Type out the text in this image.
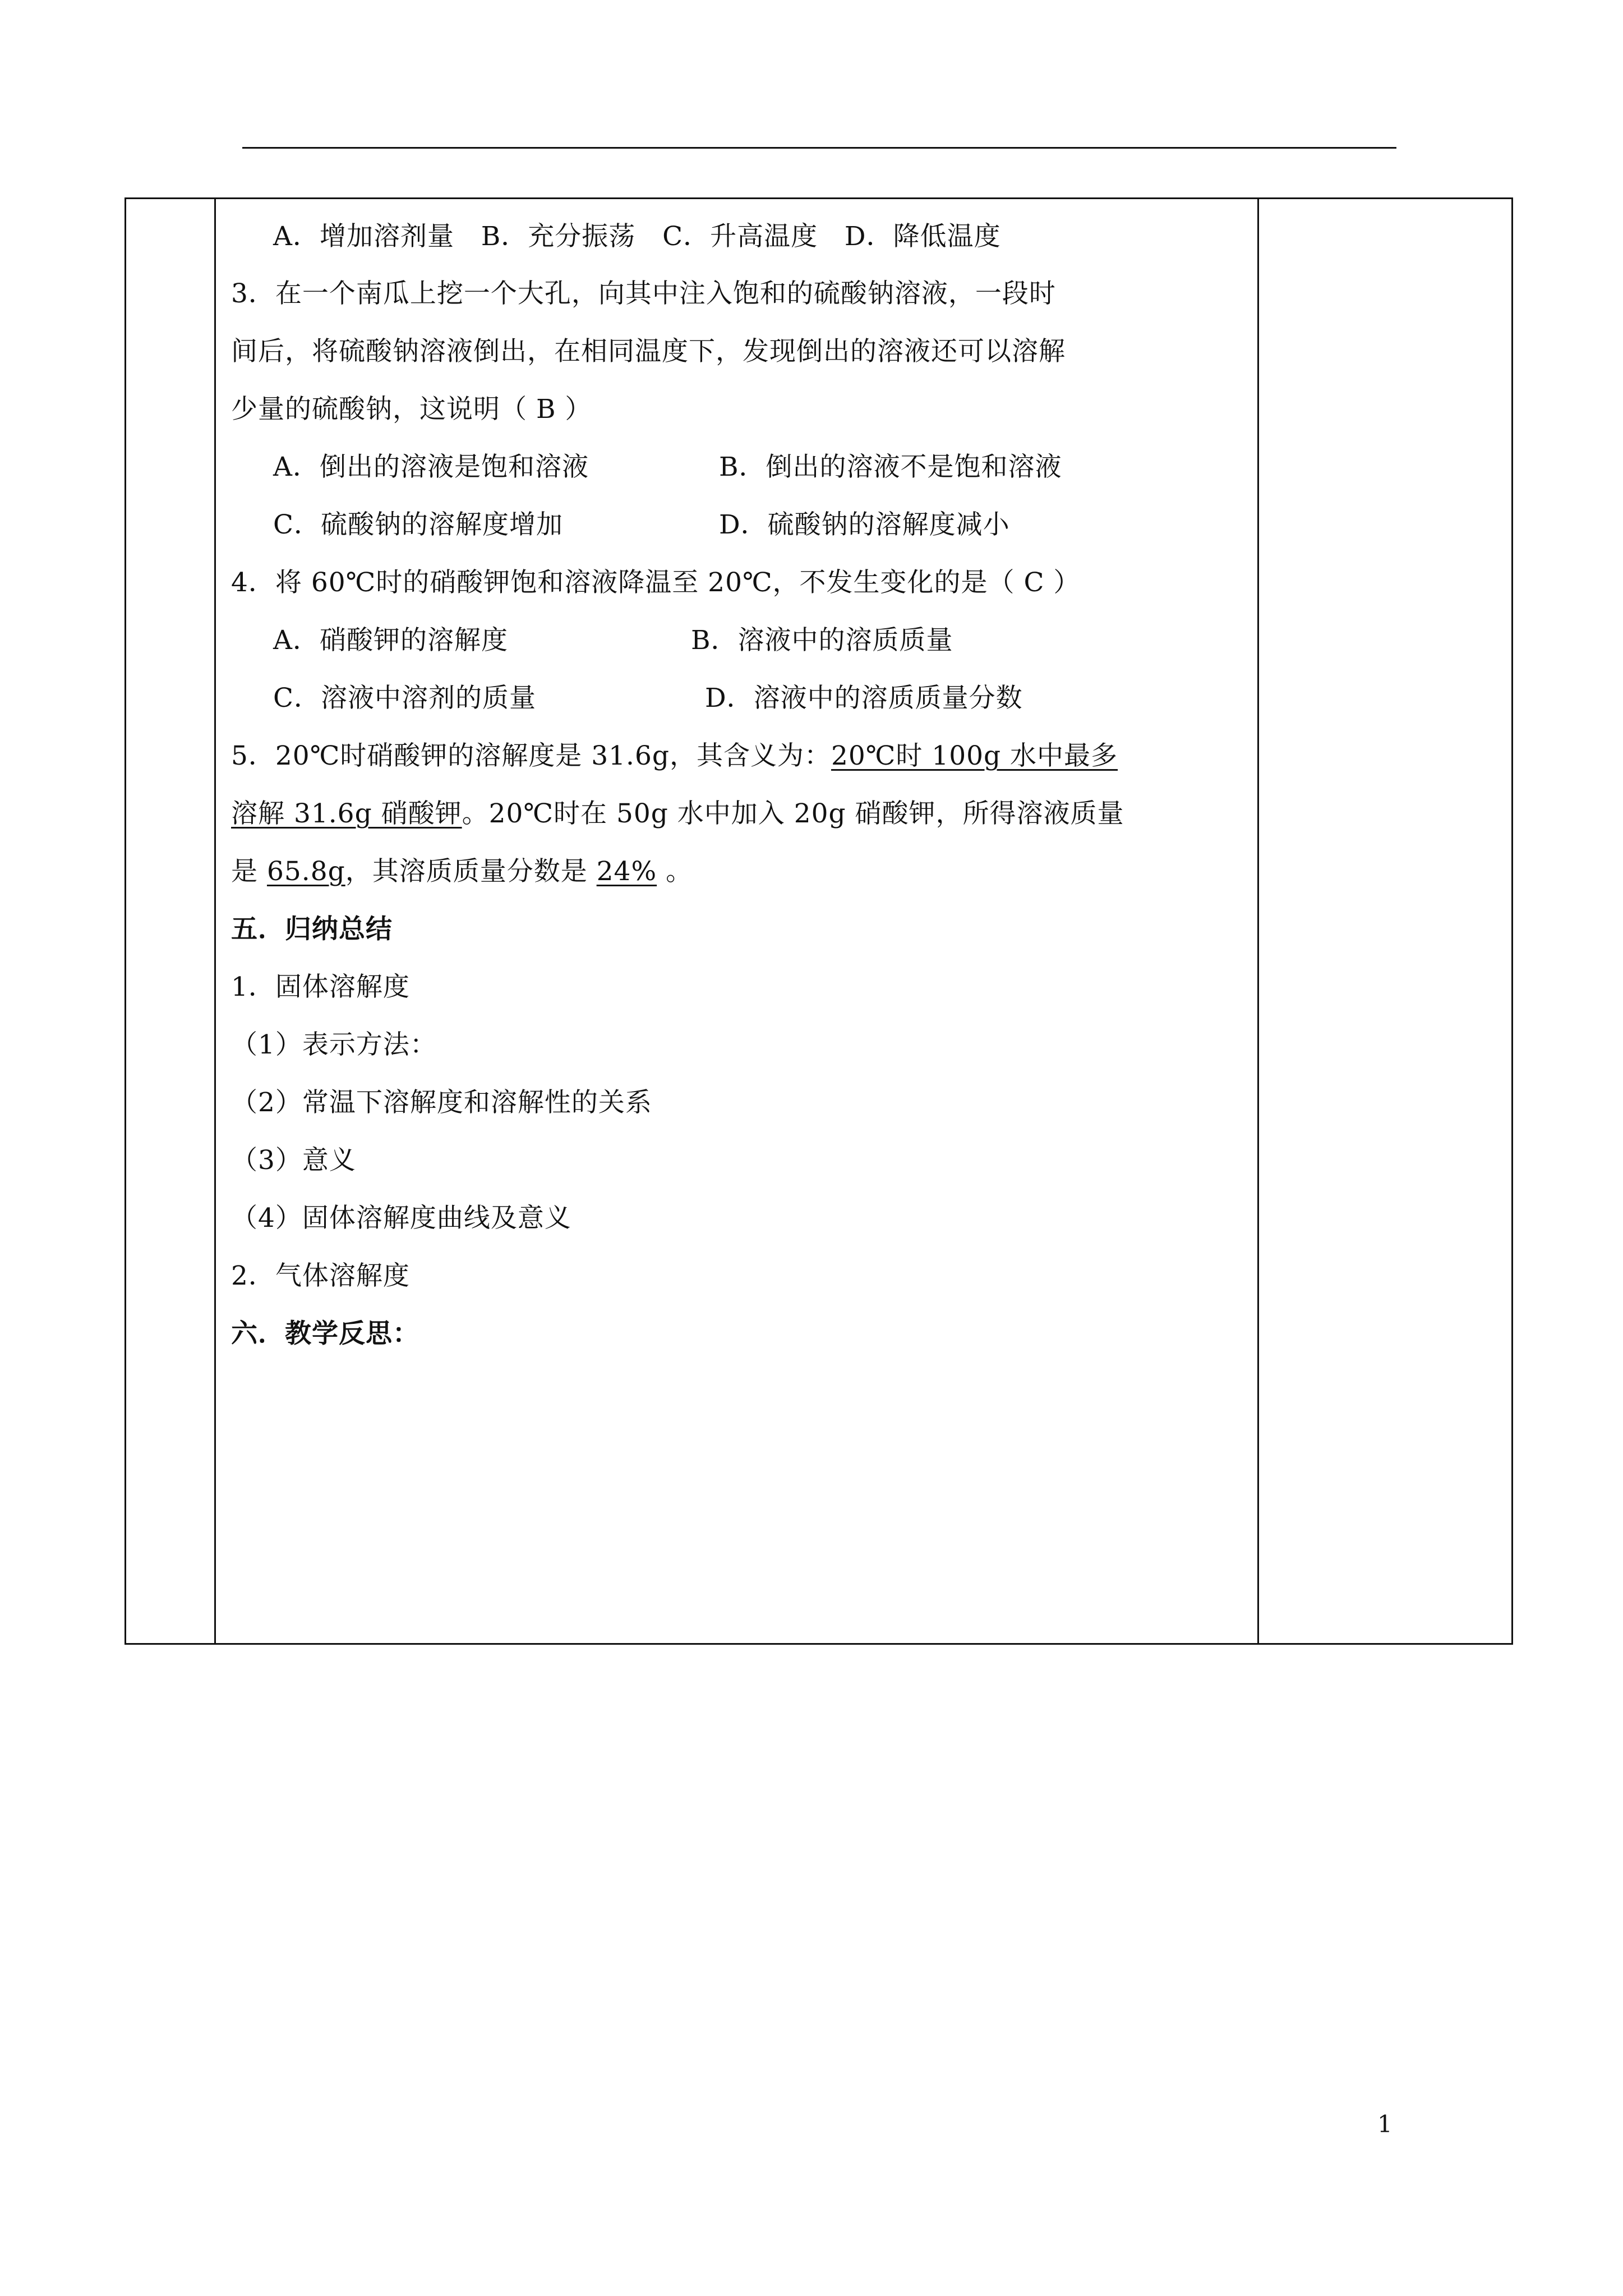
A．增加溶剂量   B．充分振荡   C．升高温度   D．降低温度
3．在一个南瓜上挖一个大孔，向其中注入饱和的硫酸钠溶液，一段时
间后，将硫酸钠溶液倒出，在相同温度下，发现倒出的溶液还可以溶解
少量的硫酸钠，这说明（ B ）
A．倒出的溶液是饱和溶液	B．倒出的溶液不是饱和溶液
C．硫酸钠的溶解度增加	D．硫酸钠的溶解度减小
4．将 60℃时的硝酸钾饱和溶液降温至 20℃，不发生变化的是（ C ）
A．硝酸钾的溶解度	B．溶液中的溶质质量
C．溶液中溶剂的质量	D．溶液中的溶质质量分数
5．20℃时硝酸钾的溶解度是 31.6g，其含义为：20℃时 100g 水中最多
溶解 31.6g 硝酸钾。20℃时在 50g 水中加入 20g 硝酸钾，所得溶液质量
是 65.8g，其溶质质量分数是 24% 。
五．归纳总结
1．固体溶解度
（1）表示方法：
（2）常温下溶解度和溶解性的关系
（3）意义
（4）固体溶解度曲线及意义
2．气体溶解度
六．教学反思：
1
